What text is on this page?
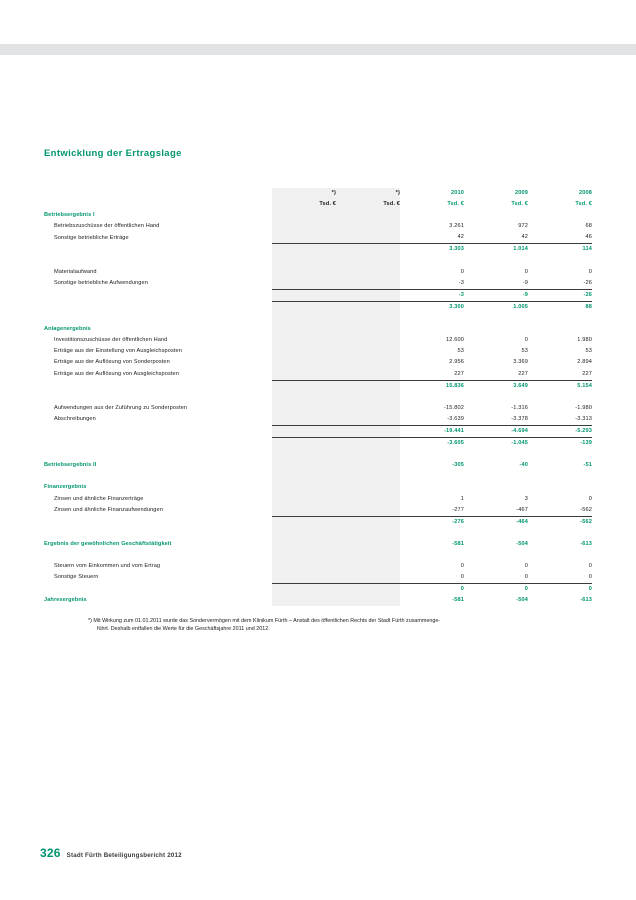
Entwicklung der Ertragslage
	*)	*)	2010	2009	2008
	Tsd. €	Tsd. €	Tsd. €	Tsd. €	Tsd. €
Betriebsergebnis I					
Betriebszuschüsse der öffentlichen Hand			3.261	972	68
Sonstige betriebliche Erträge			42	42	46
			3.303	1.014	114

Materialaufwand			0	0	0
Sonstige betriebliche Aufwendungen			-3	-9	-26
			-3	-9	-26
			3.300	1.005	88

Anlagenergebnis					
Investitionszuschüsse der öffentlichen Hand			12.600	0	1.980
Erträge aus der Einstellung von Ausgleichsposten			53	53	53
Erträge aus der Auflösung von Sonderposten			2.956	3.369	2.894
Erträge aus der Auflösung von Ausgleichsposten			227	227	227
			15.836	3.649	5.154

Aufwendungen aus der Zuführung zu Sonderposten			-15.802	-1.316	-1.980
Abschreibungen			-3.639	-3.378	-3.313
			-19.441	-4.694	-5.293
			-3.605	-1.045	-139

Betriebsergebnis II			-305	-40	-51

Finanzergebnis					
Zinsen und ähnliche Finanzerträge			1	3	0
Zinsen und ähnliche Finanzaufwendungen			-277	-467	-562
			-276	-464	-562

Ergebnis der gewöhnlichen Geschäftstätigkeit			-581	-504	-613

Steuern vom Einkommen und vom Ertrag			0	0	0
Sonstige Steuern			0	0	0
			0	0	0
Jahresergebnis			-581	-504	-613
*) Mit Wirkung zum 01.01.2011 wurde das Sondervermögen mit dem Klinikum Fürth – Anstalt des öffentlichen Rechts der Stadt Fürth zusammenge-
führt. Deshalb entfallen die Werte für die Geschäftsjahre 2011 und 2012.
326 Stadt Fürth Beteiligungsbericht 2012
